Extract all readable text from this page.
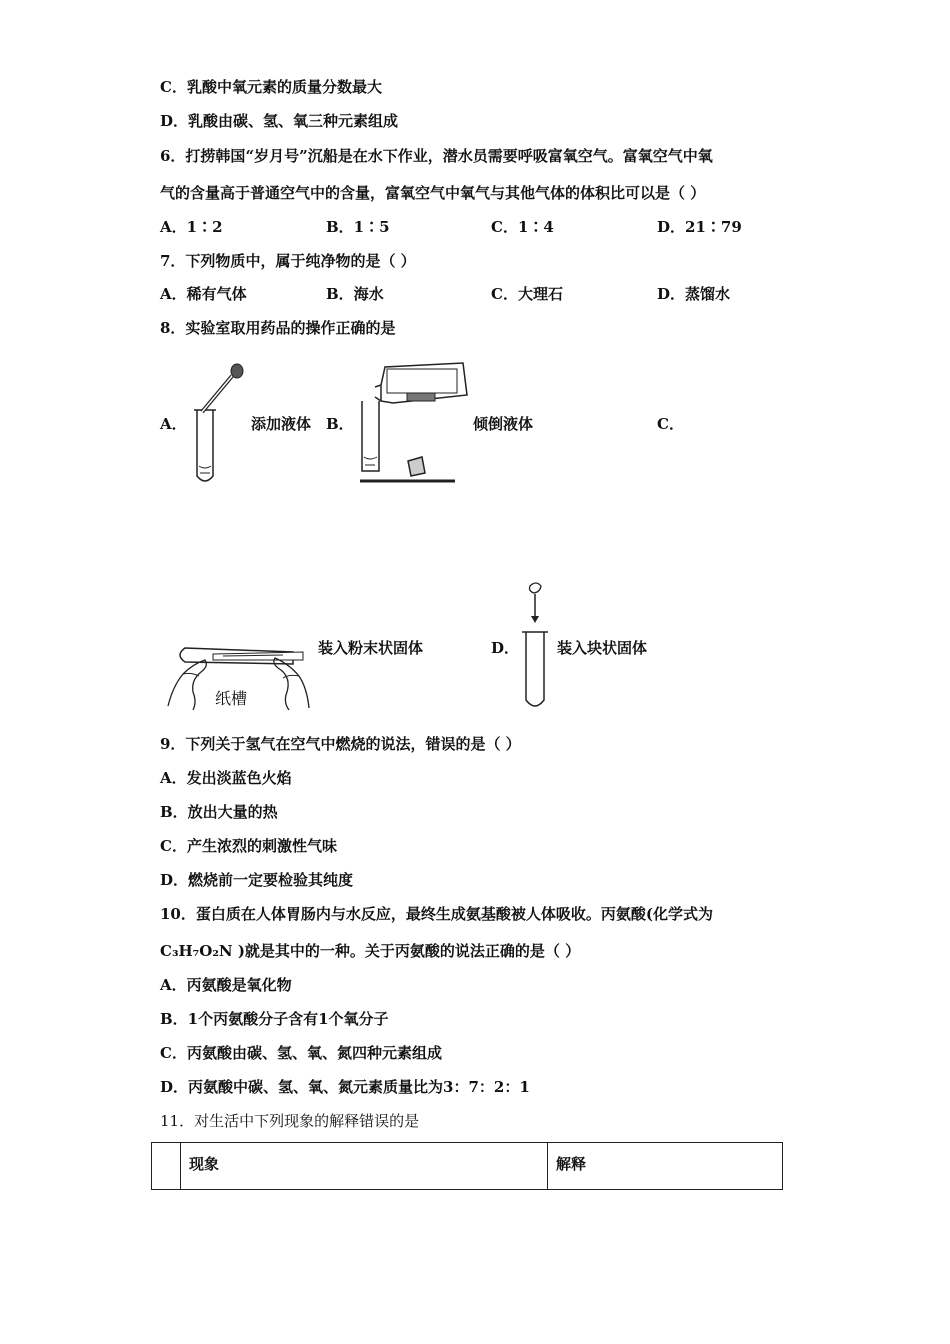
C．乳酸中氧元素的质量分数最大
D．乳酸由碳、氢、氧三种元素组成
6．打捞韩国“岁月号”沉船是在水下作业，潜水员需要呼吸富氧空气。富氧空气中氧
气的含量高于普通空气中的含量，富氧空气中氧气与其他气体的体积比可以是（ ）
A．1∶2	B．1∶5	C．1∶4	D．21∶79
7．下列物质中，属于纯净物的是（ ）
A．稀有气体	B．海水	C．大理石	D．蒸馏水
8．实验室取用药品的操作正确的是
A．	添加液体 B．	倾倒液体	C．
纸槽
装入粉末状固体	D．	装入块状固体
9．下列关于氢气在空气中燃烧的说法，错误的是（ ）
A．发出淡蓝色火焰
B．放出大量的热
C．产生浓烈的刺激性气味
D．燃烧前一定要检验其纯度
10．蛋白质在人体胃肠内与水反应，最终生成氨基酸被人体吸收。丙氨酸(化学式为
C₃H₇O₂N )就是其中的一种。关于丙氨酸的说法正确的是（ ）
A．丙氨酸是氧化物
B．1个丙氨酸分子含有1个氧分子
C．丙氨酸由碳、氢、氧、氮四种元素组成
D．丙氨酸中碳、氢、氧、氮元素质量比为3：7：2：1
11．对生活中下列现象的解释错误的是
	现象	解释
